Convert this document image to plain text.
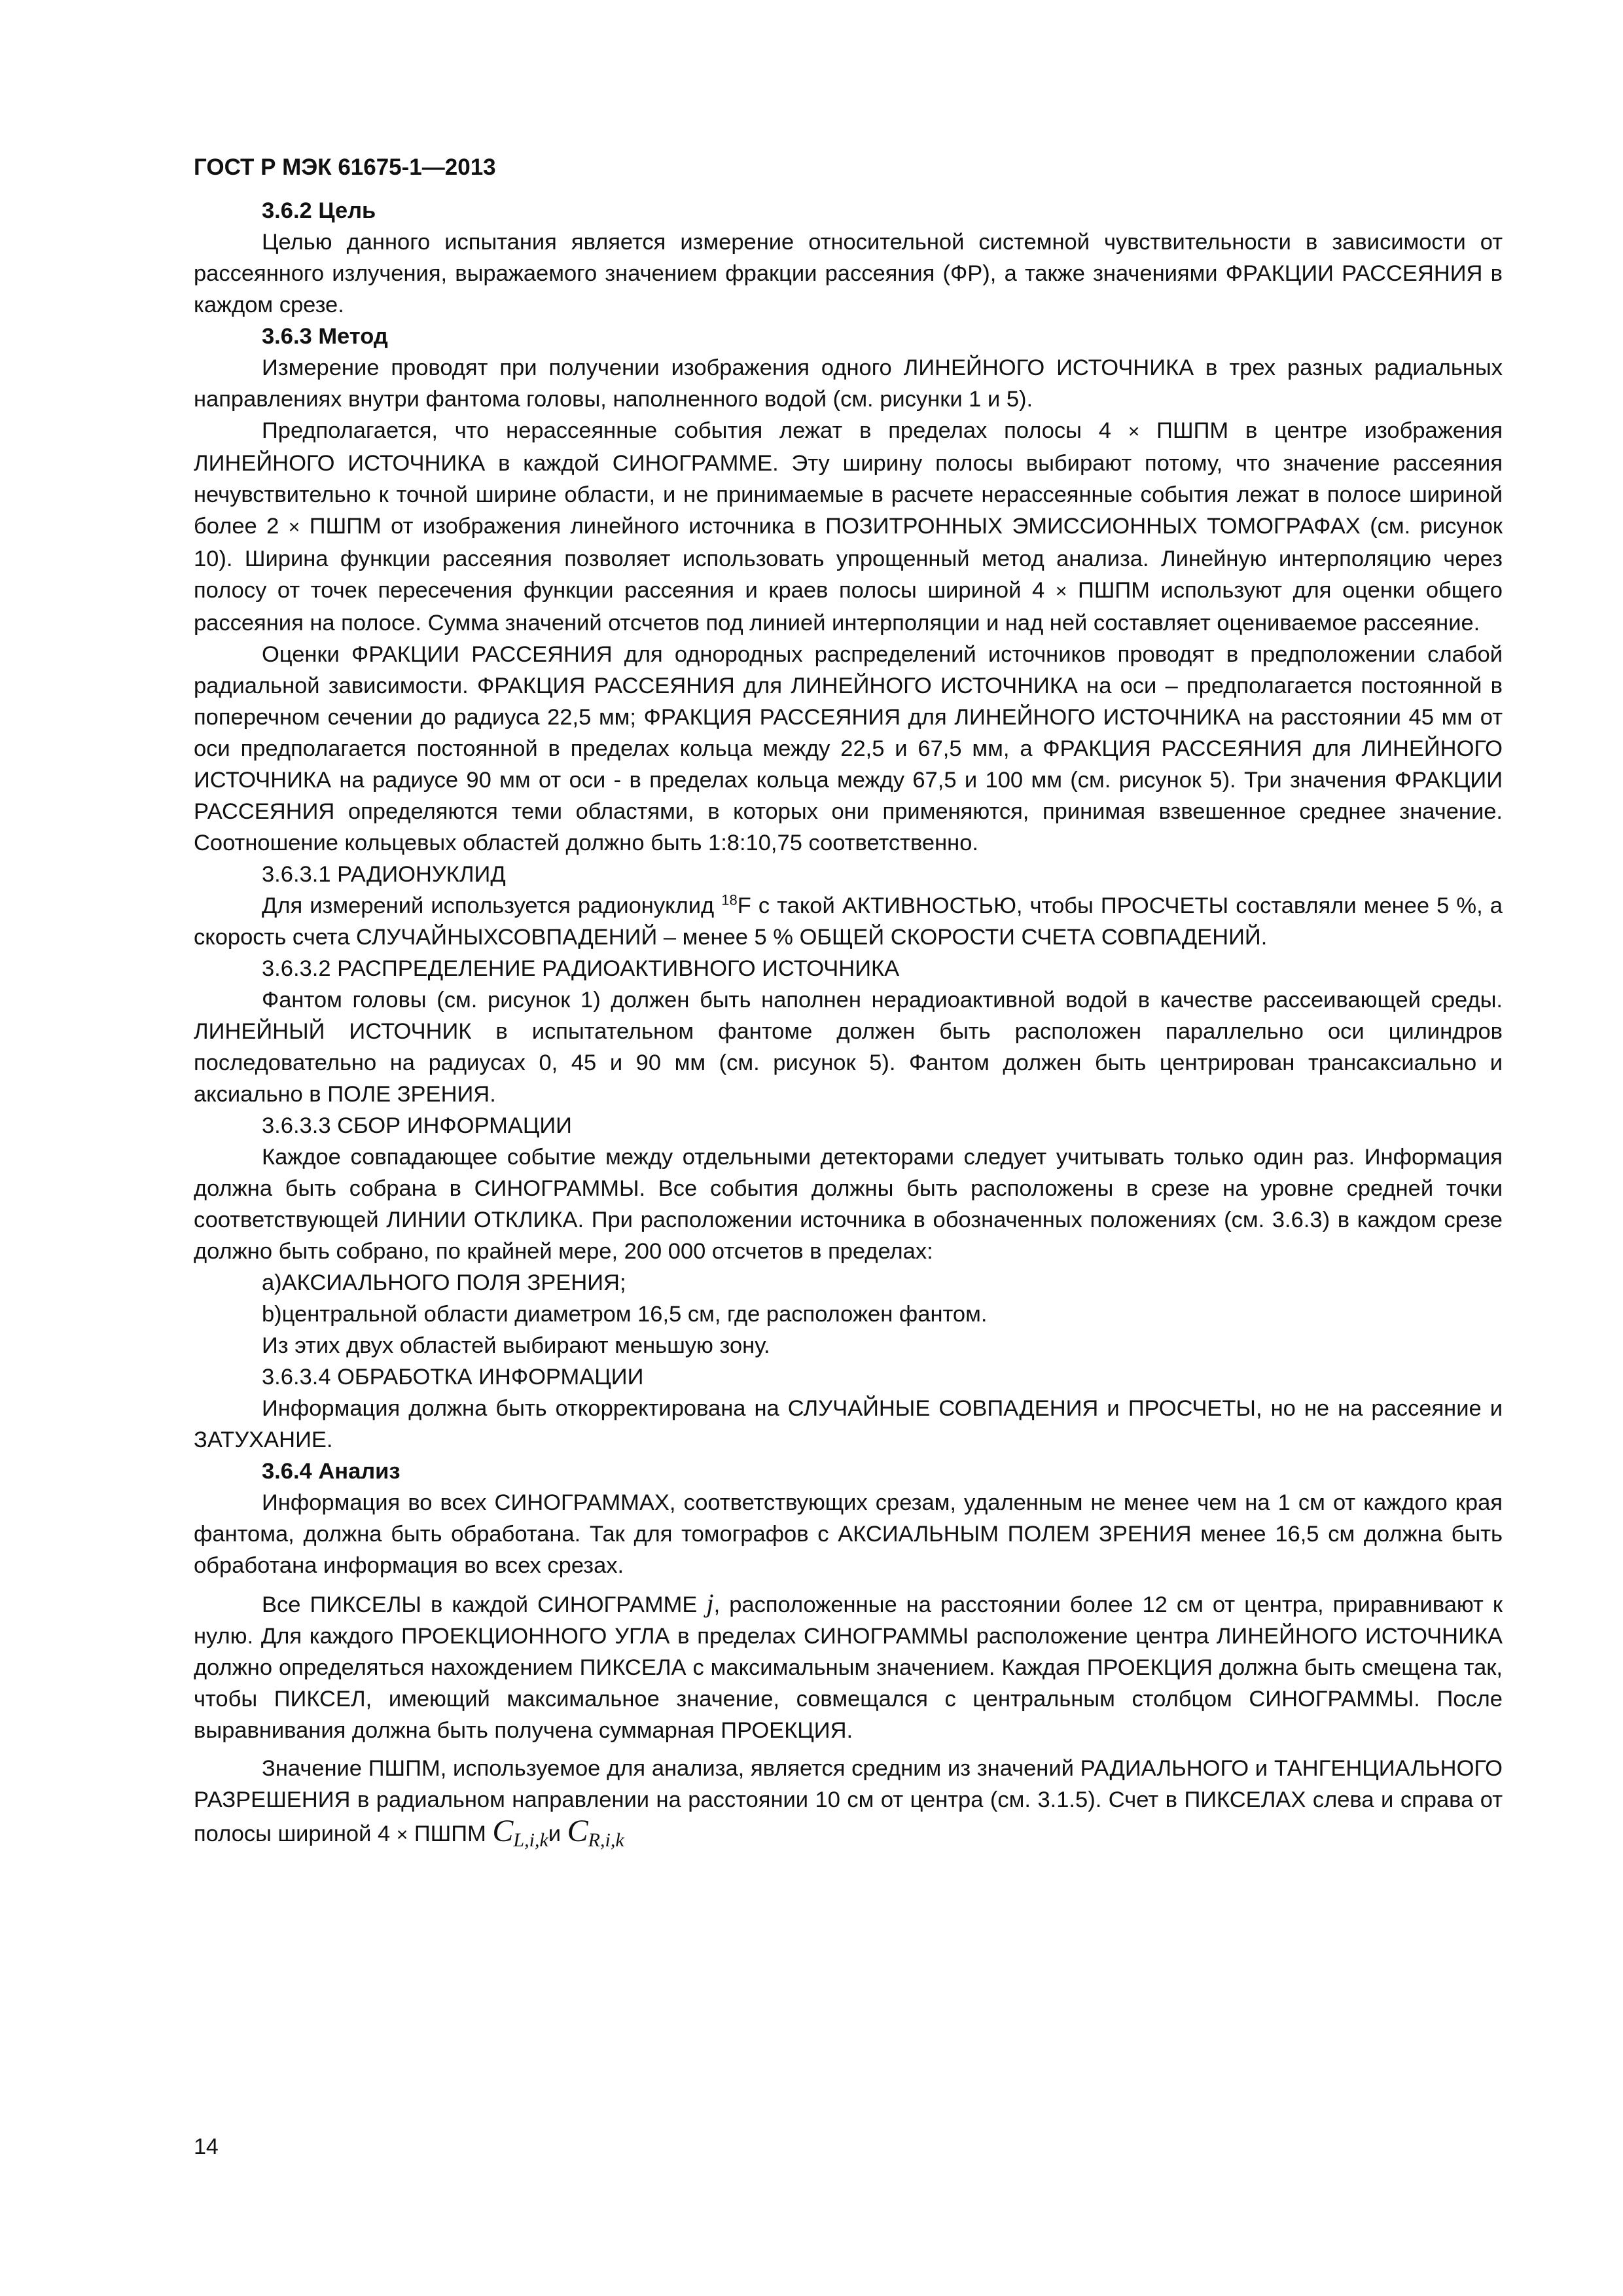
ГОСТ Р МЭК 61675-1—2013

3.6.2 Цель

Целью данного испытания является измерение относительной системной чувствительности в зависимости от рассеянного излучения, выражаемого значением фракции рассеяния (ФР), а также значениями ФРАКЦИИ РАССЕЯНИЯ в каждом срезе.

3.6.3 Метод

Измерение проводят при получении изображения одного ЛИНЕЙНОГО ИСТОЧНИКА в трех разных радиальных направлениях внутри фантома головы, наполненного водой (см. рисунки 1 и 5).

Предполагается, что нерассеянные события лежат в пределах полосы 4 × ПШПМ в центре изображения ЛИНЕЙНОГО ИСТОЧНИКА в каждой СИНОГРАММЕ. Эту ширину полосы выбирают потому, что значение рассеяния нечувствительно к точной ширине области, и не принимаемые в расчете нерассеянные события лежат в полосе шириной более 2 × ПШПМ от изображения линейного источника в ПОЗИТРОННЫХ ЭМИССИОННЫХ ТОМОГРАФАХ (см. рисунок 10). Ширина функции рассеяния позволяет использовать упрощенный метод анализа. Линейную интерполяцию через полосу от точек пересечения функции рассеяния и краев полосы шириной 4 × ПШПМ используют для оценки общего рассеяния на полосе. Сумма значений отсчетов под линией интерполяции и над ней составляет оцениваемое рассеяние.

Оценки ФРАКЦИИ РАССЕЯНИЯ для однородных распределений источников проводят в предположении слабой радиальной зависимости. ФРАКЦИЯ РАССЕЯНИЯ для ЛИНЕЙНОГО ИСТОЧНИКА на оси – предполагается постоянной в поперечном сечении до радиуса 22,5 мм; ФРАКЦИЯ РАССЕЯНИЯ для ЛИНЕЙНОГО ИСТОЧНИКА на расстоянии 45 мм от оси предполагается постоянной в пределах кольца между 22,5 и 67,5 мм, а ФРАКЦИЯ РАССЕЯНИЯ для ЛИНЕЙНОГО ИСТОЧНИКА на радиусе 90 мм от оси - в пределах кольца между 67,5 и 100 мм (см. рисунок 5). Три значения ФРАКЦИИ РАССЕЯНИЯ определяются теми областями, в которых они применяются, принимая взвешенное среднее значение. Соотношение кольцевых областей должно быть 1:8:10,75 соответственно.

3.6.3.1 РАДИОНУКЛИД

Для измерений используется радионуклид $^{18}$F с такой АКТИВНОСТЬЮ, чтобы ПРОСЧЕТЫ составляли менее 5 %, а скорость счета СЛУЧАЙНЫХСОВПАДЕНИЙ – менее 5 % ОБЩЕЙ СКОРОСТИ СЧЕТА СОВПАДЕНИЙ.

3.6.3.2 РАСПРЕДЕЛЕНИЕ РАДИОАКТИВНОГО ИСТОЧНИКА

Фантом головы (см. рисунок 1) должен быть наполнен нерадиоактивной водой в качестве рассеивающей среды. ЛИНЕЙНЫЙ ИСТОЧНИК в испытательном фантоме должен быть расположен параллельно оси цилиндров последовательно на радиусах 0, 45 и 90 мм (см. рисунок 5). Фантом должен быть центрирован трансаксиально и аксиально в ПОЛЕ ЗРЕНИЯ.

3.6.3.3 СБОР ИНФОРМАЦИИ

Каждое совпадающее событие между отдельными детекторами следует учитывать только один раз. Информация должна быть собрана в СИНОГРАММЫ. Все события должны быть расположены в срезе на уровне средней точки соответствующей ЛИНИИ ОТКЛИКА. При расположении источника в обозначенных положениях (см. 3.6.3) в каждом срезе должно быть собрано, по крайней мере, 200 000 отсчетов в пределах:

a)АКСИАЛЬНОГО ПОЛЯ ЗРЕНИЯ;

b)центральной области диаметром 16,5 см, где расположен фантом.

Из этих двух областей выбирают меньшую зону.

3.6.3.4 ОБРАБОТКА ИНФОРМАЦИИ

Информация должна быть откорректирована на СЛУЧАЙНЫЕ СОВПАДЕНИЯ и ПРОСЧЕТЫ, но не на рассеяние и ЗАТУХАНИЕ.

3.6.4 Анализ

Информация во всех СИНОГРАММАХ, соответствующих срезам, удаленным не менее чем на 1 см от каждого края фантома, должна быть обработана. Так для томографов с АКСИАЛЬНЫМ ПОЛЕМ ЗРЕНИЯ менее 16,5 см должна быть обработана информация во всех срезах.

Все ПИКСЕЛЫ в каждой СИНОГРАММЕ j, расположенные на расстоянии более 12 см от центра, приравнивают к нулю. Для каждого ПРОЕКЦИОННОГО УГЛА в пределах СИНОГРАММЫ расположение центра ЛИНЕЙНОГО ИСТОЧНИКА должно определяться нахождением ПИКСЕЛА с максимальным значением. Каждая ПРОЕКЦИЯ должна быть смещена так, чтобы ПИКСЕЛ, имеющий максимальное значение, совмещался с центральным столбцом СИНОГРАММЫ. После выравнивания должна быть получена суммарная ПРОЕКЦИЯ.

Значение ПШПМ, используемое для анализа, является средним из значений РАДИАЛЬНОГО и ТАНГЕНЦИАЛЬНОГО РАЗРЕШЕНИЯ в радиальном направлении на расстоянии 10 см от центра (см. 3.1.5). Счет в ПИКСЕЛАХ слева и справа от полосы шириной 4 × ПШПМ $C_{L,i,k}и$ $C_{R,i,k}$

14
